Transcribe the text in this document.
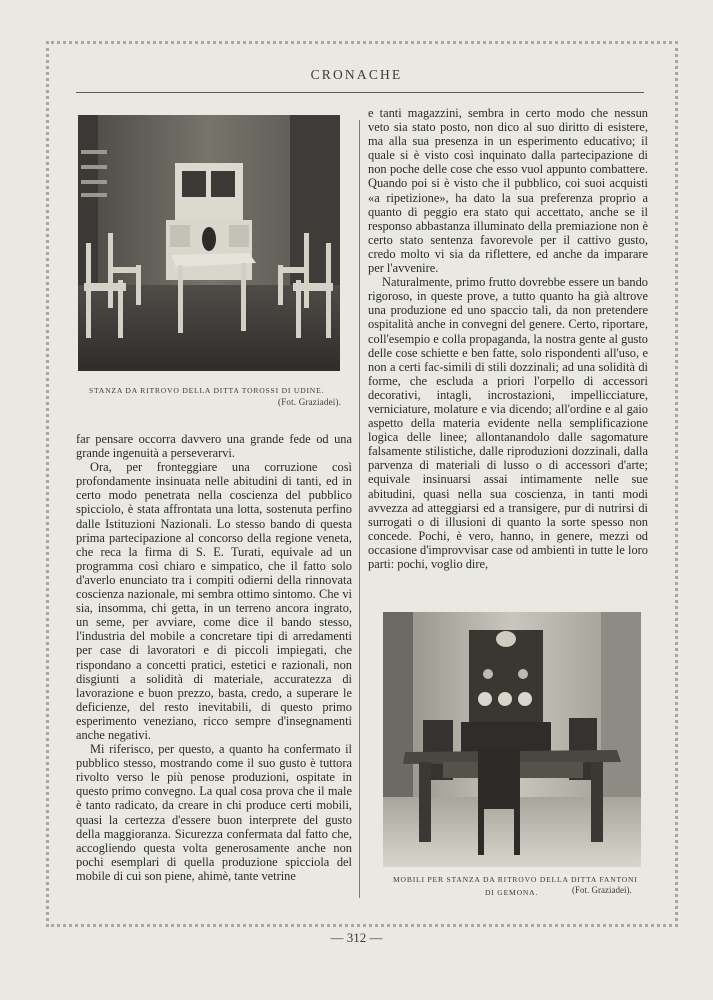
CRONACHE
STANZA DA RITROVO DELLA DITTA TOROSSI DI UDINE.
(Fot. Graziadei).

far pensare occorra davvero una grande fede od una grande ingenuità a perseverarvi.

Ora, per fronteggiare una corruzione così profondamente insinuata nelle abitudini di tanti, ed in certo modo penetrata nella coscienza del pubblico spicciolo, è stata affrontata una lotta, sostenuta perfino dalle Istituzioni Nazionali. Lo stesso bando di questa prima partecipazione al concorso della regione veneta, che reca la firma di S. E. Turati, equivale ad un programma così chiaro e simpatico, che il fatto solo d'averlo enunciato tra i compiti odierni della rinnovata coscienza nazionale, mi sembra ottimo sintomo. Che vi sia, insomma, chi getta, in un terreno ancora ingrato, un seme, per avviare, come dice il bando stesso, l'industria del mobile a concretare tipi di arredamenti per case di lavoratori e di piccoli impiegati, che rispondano a concetti pratici, estetici e razionali, non disgiunti a solidità di materiale, accuratezza di lavorazione e buon prezzo, basta, credo, a superare le deficienze, del resto inevitabili, di questo primo esperimento veneziano, ricco sempre d'insegnamenti anche negativi.

Mi riferisco, per questo, a quanto ha confermato il pubblico stesso, mostrando come il suo gusto è tuttora rivolto verso le più penose produzioni, ospitate in questo primo convegno. La qual cosa prova che il male è tanto radicato, da creare in chi produce certi mobili, quasi la certezza d'essere buon interprete del gusto della maggioranza. Sicurezza confermata dal fatto che, accogliendo questa volta generosamente anche non pochi esemplari di quella produzione spicciola del mobile di cui son piene, ahimè, tante vetrine

e tanti magazzini, sembra in certo modo che nessun veto sia stato posto, non dico al suo diritto di esistere, ma alla sua presenza in un esperimento educativo; il quale si è visto così inquinato dalla partecipazione di non poche delle cose che esso vuol appunto combattere. Quando poi si è visto che il pubblico, coi suoi acquisti «a ripetizione», ha dato la sua preferenza proprio a quanto di peggio era stato qui accettato, anche se il responso abbastanza illuminato della premiazione non è certo stato sentenza favorevole per il cattivo gusto, credo molto vi sia da riflettere, ed anche da imparare per l'avvenire.

Naturalmente, primo frutto dovrebbe essere un bando rigoroso, in queste prove, a tutto quanto ha già altrove una produzione ed uno spaccio tali, da non pretendere ospitalità anche in convegni del genere. Certo, riportare, coll'esempio e colla propaganda, la nostra gente al gusto delle cose schiette e ben fatte, solo rispondenti all'uso, e non a certi fac-simili di stili dozzinali; ad una solidità di forme, che escluda a priori l'orpello di accessori decorativi, intagli, incrostazioni, impellicciature, verniciature, molature e via dicendo; all'ordine e al gaio aspetto della materia evidente nella semplificazione logica delle linee; allontanandolo dalle sagomature falsamente stilistiche, dalle riproduzioni dozzinali, dalla parvenza di materiali di lusso o di accessori d'arte; equivale insinuarsi assai intimamente nelle sue abitudini, quasi nella sua coscienza, in tanti modi avvezza ad atteggiarsi ed a transigere, pur di nutrirsi di surrogati o di illusioni di quanto la sorte spesso non concede. Pochi, è vero, hanno, in genere, mezzi od occasione d'improvvisar case od ambienti in tutte le loro parti: pochi, voglio dire,

MOBILI PER STANZA DA RITROVO DELLA DITTA FANTONI
DI GEMONA.	(Fot. Graziadei).
— 312 —
